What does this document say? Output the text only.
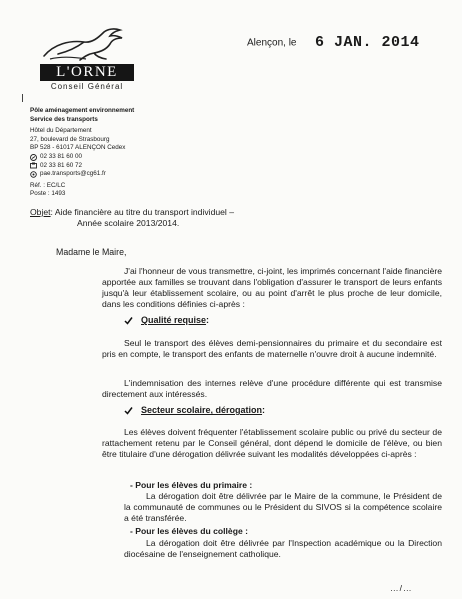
L'ORNE
Conseil Général
Alençon, le 6 JAN. 2014
Pôle aménagement environnement
Service des transports
Hôtel du Département
27, boulevard de Strasbourg
BP 528 - 61017 ALENÇON Cedex
02 33 81 60 00
02 33 81 60 72
pae.transports@cg61.fr
Réf. : EC/LC
Poste : 1493
Objet: Aide financière au titre du transport individuel –
Année scolaire 2013/2014.
Madame le Maire,
J'ai l'honneur de vous transmettre, ci-joint, les imprimés concernant l'aide financière apportée aux familles se trouvant dans l'obligation d'assurer le transport de leurs enfants jusqu'à leur établissement scolaire, ou au point d'arrêt le plus proche de leur domicile, dans les conditions définies ci-après :
Qualité requise :
Seul le transport des élèves demi-pensionnaires du primaire et du secondaire est pris en compte, le transport des enfants de maternelle n'ouvre droit à aucune indemnité.
L'indemnisation des internes relève d'une procédure différente qui est transmise directement aux intéressés.
Secteur scolaire, dérogation :
Les élèves doivent fréquenter l'établissement scolaire public ou privé du secteur de rattachement retenu par le Conseil général, dont dépend le domicile de l'élève, ou bien être titulaire d'une dérogation délivrée suivant les modalités développées ci-après :
- Pour les élèves du primaire :
La dérogation doit être délivrée par le Maire de la commune, le Président de la communauté de communes ou le Président du SIVOS si la compétence scolaire a été transférée.
- Pour les élèves du collège :
La dérogation doit être délivrée par l'Inspection académique ou la Direction diocésaine de l'enseignement catholique.
…/…
